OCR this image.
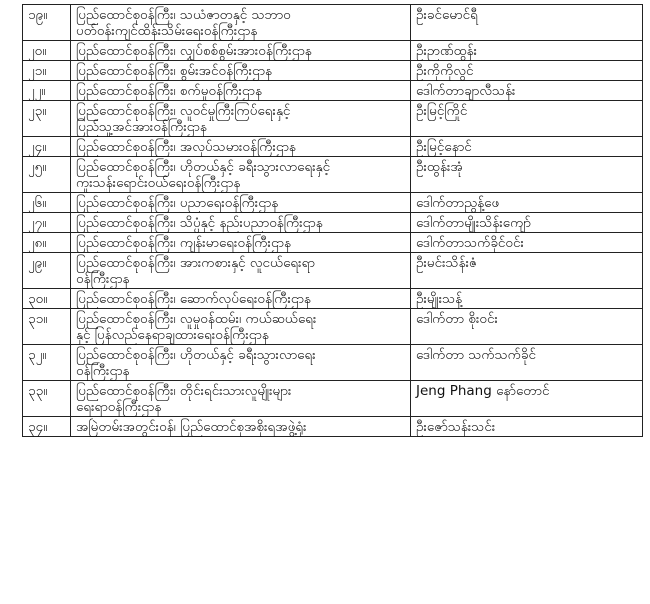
၁၉။	ပြည်ထောင်စုဝန်ကြီး၊ သယံဇာတနှင့် သဘာဝ
ပတ်ဝန်းကျင်ထိန်းသိမ်းရေးဝန်ကြီးဌာန	ဦးခင်မောင်ရီ
၂၀။	ပြည်ထောင်စုဝန်ကြီး၊ လျှပ်စစ်စွမ်းအားဝန်ကြီးဌာန	ဦးဉာဏ်ထွန်း
၂၁။	ပြည်ထောင်စုဝန်ကြီး၊ စွမ်းအင်ဝန်ကြီးဌာန	ဦးကိုကိုလွင်
၂၂။	ပြည်ထောင်စုဝန်ကြီး၊ စက်မှုဝန်ကြီးဌာန	ဒေါက်တာချာလီသန်း
၂၃။	ပြည်ထောင်စုဝန်ကြီး၊ လူဝင်မှုကြီးကြပ်ရေးနှင့်
ပြည်သူ့အင်အားဝန်ကြီးဌာန	ဦးမြင့်ကြိုင်
၂၄။	ပြည်ထောင်စုဝန်ကြီး၊ အလုပ်သမားဝန်ကြီးဌာန	ဦးမြင့်နောင်
၂၅။	ပြည်ထောင်စုဝန်ကြီး၊ ဟိုတယ်နှင့် ခရီးသွားလာရေးနှင့်
ကူးသန်းရောင်းဝယ်ရေးဝန်ကြီးဌာန	ဦးထွန်းအုံ
၂၆။	ပြည်ထောင်စုဝန်ကြီး၊ ပညာရေးဝန်ကြီးဌာန	ဒေါက်တာညွန့်ဖေ
၂၇။	ပြည်ထောင်စုဝန်ကြီး၊ သိပ္ပံနှင့် နည်းပညာဝန်ကြီးဌာန	ဒေါက်တာမျိုးသိန်းကျော်
၂၈။	ပြည်ထောင်စုဝန်ကြီး၊ ကျန်းမာရေးဝန်ကြီးဌာန	ဒေါက်တာသက်ခိုင်ဝင်း
၂၉။	ပြည်ထောင်စုဝန်ကြီး၊ အားကစားနှင့် လူငယ်ရေးရာ
ဝန်ကြီးဌာန	ဦးမင်းသိန်းဇံ
၃၀။	ပြည်ထောင်စုဝန်ကြီး၊ ဆောက်လုပ်ရေးဝန်ကြီးဌာန	ဦးမျိုးသန့်
၃၁။	ပြည်ထောင်စုဝန်ကြီး၊ လူမှုဝန်ထမ်း၊ ကယ်ဆယ်ရေး
နှင့် ပြန်လည်နေရာချထားရေးဝန်ကြီးဌာန	ဒေါက်တာ စိုးဝင်း
၃၂။	ပြည်ထောင်စုဝန်ကြီး၊ ဟိုတယ်နှင့် ခရီးသွားလာရေး
ဝန်ကြီးဌာန	ဒေါက်တာ သက်သက်ခိုင်
၃၃။	ပြည်ထောင်စုဝန်ကြီး၊ တိုင်းရင်းသားလူမျိုးများ
ရေးရာဝန်ကြီးဌာန	Jeng Phang နော်တောင်
၃၄။	အမြဲတမ်းအတွင်းဝန်၊ ပြည်ထောင်စုအစိုးရအဖွဲ့ရုံး	ဦးဇော်သန်းသင်း
